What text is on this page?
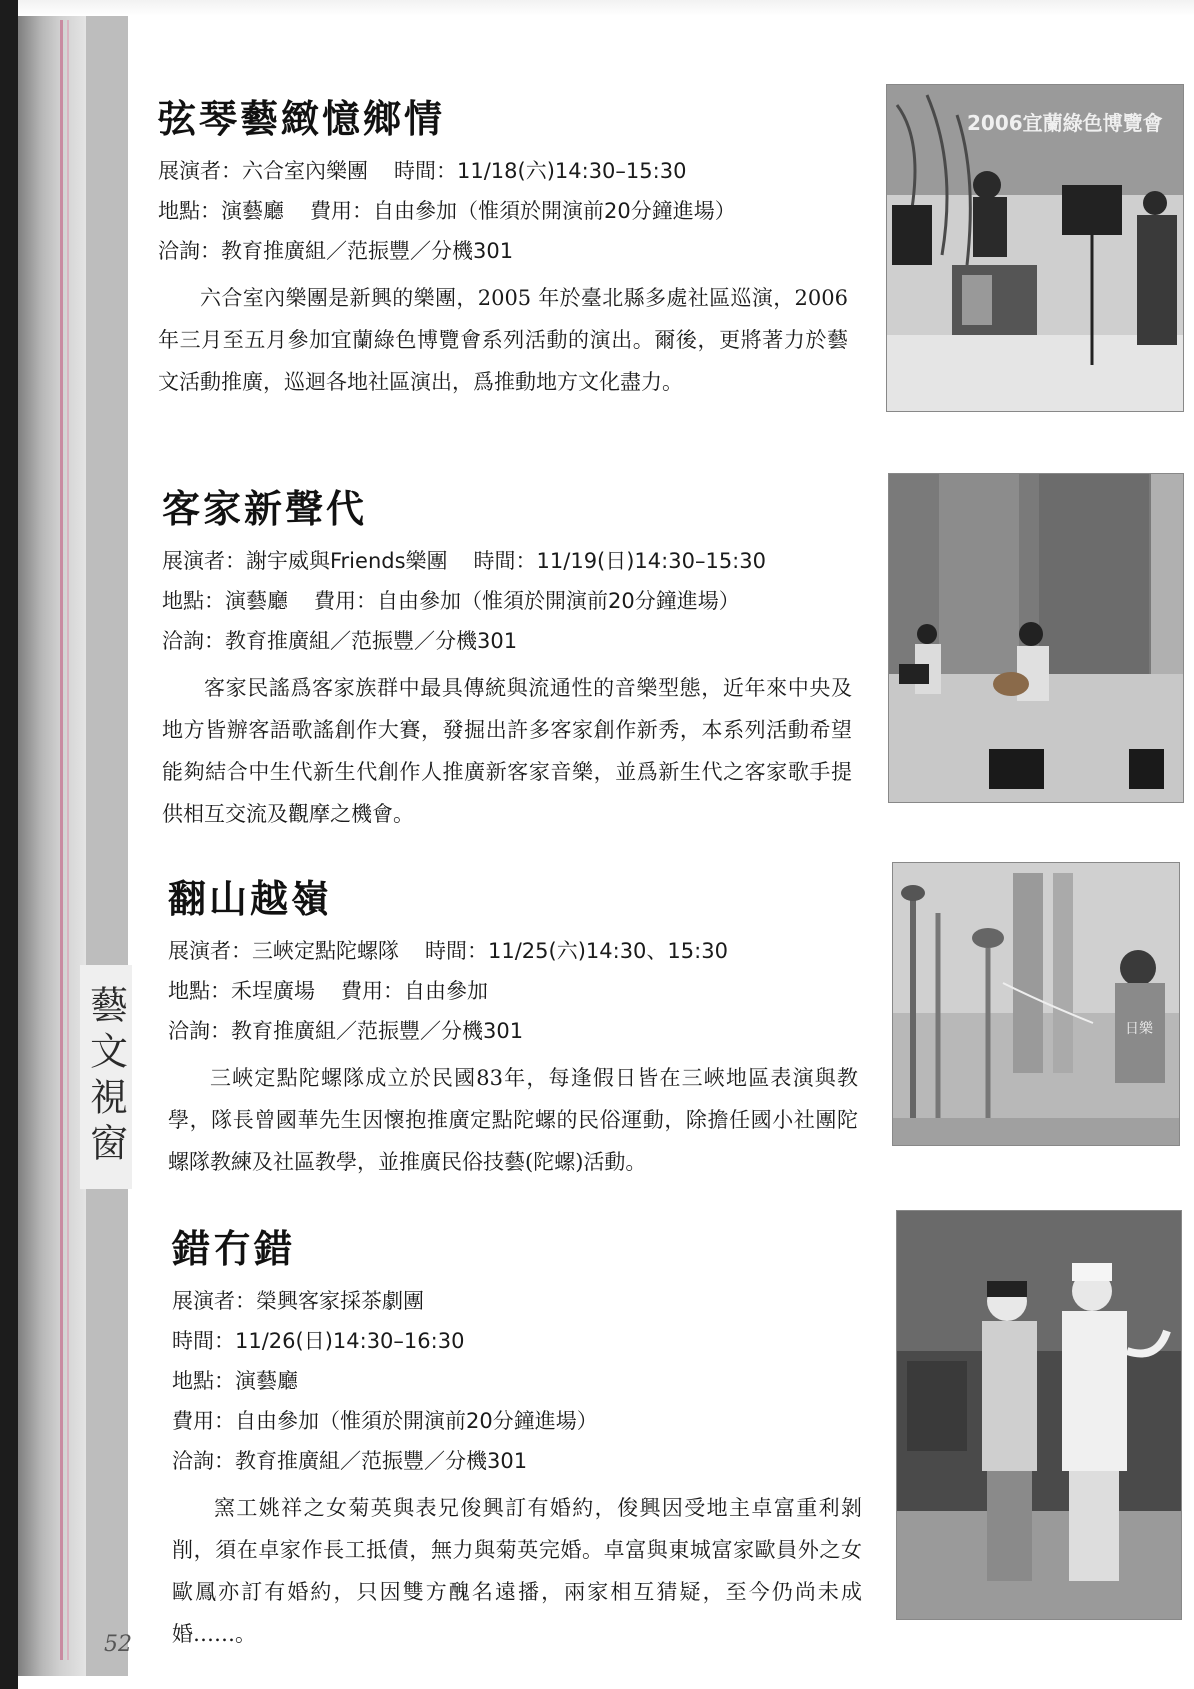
藝文視窗
52
弦琴藝緻憶鄉情

展演者：六合室內樂團 時間：11/18(六)14:30–15:30

地點：演藝廳 費用：自由參加（惟須於開演前20分鐘進場）

洽詢：教育推廣組／范振豐／分機301

六合室內樂團是新興的樂團，2005 年於臺北縣多處社區巡演，2006 年三月至五月參加宜蘭綠色博覽會系列活動的演出。爾後，更將著力於藝文活動推廣，巡迴各地社區演出，爲推動地方文化盡力。

2006宜蘭綠色博覽會
客家新聲代

展演者：謝宇威與Friends樂團 時間：11/19(日)14:30–15:30

地點：演藝廳 費用：自由參加（惟須於開演前20分鐘進場）

洽詢：教育推廣組／范振豐／分機301

客家民謠爲客家族群中最具傳統與流通性的音樂型態，近年來中央及地方皆辦客語歌謠創作大賽，發掘出許多客家創作新秀，本系列活動希望能夠結合中生代新生代創作人推廣新客家音樂，並爲新生代之客家歌手提供相互交流及觀摩之機會。

翻山越嶺

展演者：三峽定點陀螺隊 時間：11/25(六)14:30、15:30

地點：禾埕廣場 費用：自由參加

洽詢：教育推廣組／范振豐／分機301

三峽定點陀螺隊成立於民國83年，每逢假日皆在三峽地區表演與教學，隊長曾國華先生因懷抱推廣定點陀螺的民俗運動，除擔任國小社團陀螺隊教練及社區教學，並推廣民俗技藝(陀螺)活動。

日樂
錯冇錯

展演者：榮興客家採茶劇團

時間：11/26(日)14:30–16:30

地點：演藝廳

費用：自由參加（惟須於開演前20分鐘進場）

洽詢：教育推廣組／范振豐／分機301

窯工姚祥之女菊英與表兄俊興訂有婚約，俊興因受地主卓富重利剝削，須在卓家作長工抵債，無力與菊英完婚。卓富與東城富家歐員外之女歐鳳亦訂有婚約，只因雙方醜名遠播，兩家相互猜疑，至今仍尚未成婚……。
